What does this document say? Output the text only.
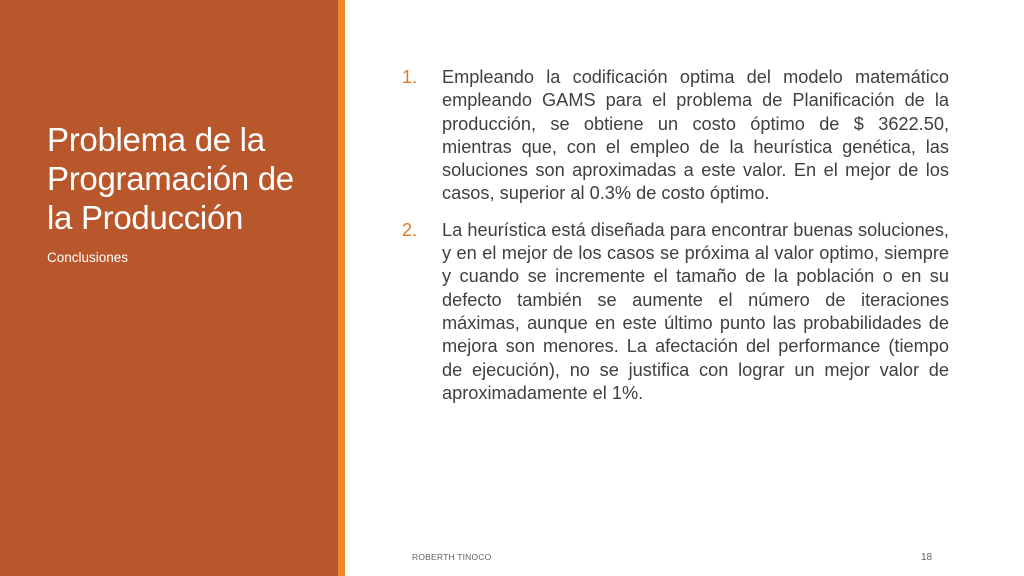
Problema de la Programación de la Producción
Conclusiones
1.	Empleando la codificación optima del modelo matemático empleando GAMS para el problema de Planificación de la producción, se obtiene un costo óptimo de $ 3622.50, mientras que, con el empleo de la heurística genética, las soluciones son aproximadas a este valor. En el mejor de los casos, superior al 0.3% de costo óptimo.
2.	La heurística está diseñada para encontrar buenas soluciones, y en el mejor de los casos se próxima al valor optimo, siempre y cuando se incremente el tamaño de la población o en su defecto también se aumente el número de iteraciones máximas, aunque en este último punto las probabilidades de mejora son menores. La afectación del performance (tiempo de ejecución), no se justifica con lograr un mejor valor de aproximadamente el 1%.
ROBERTH TINOCO	18
